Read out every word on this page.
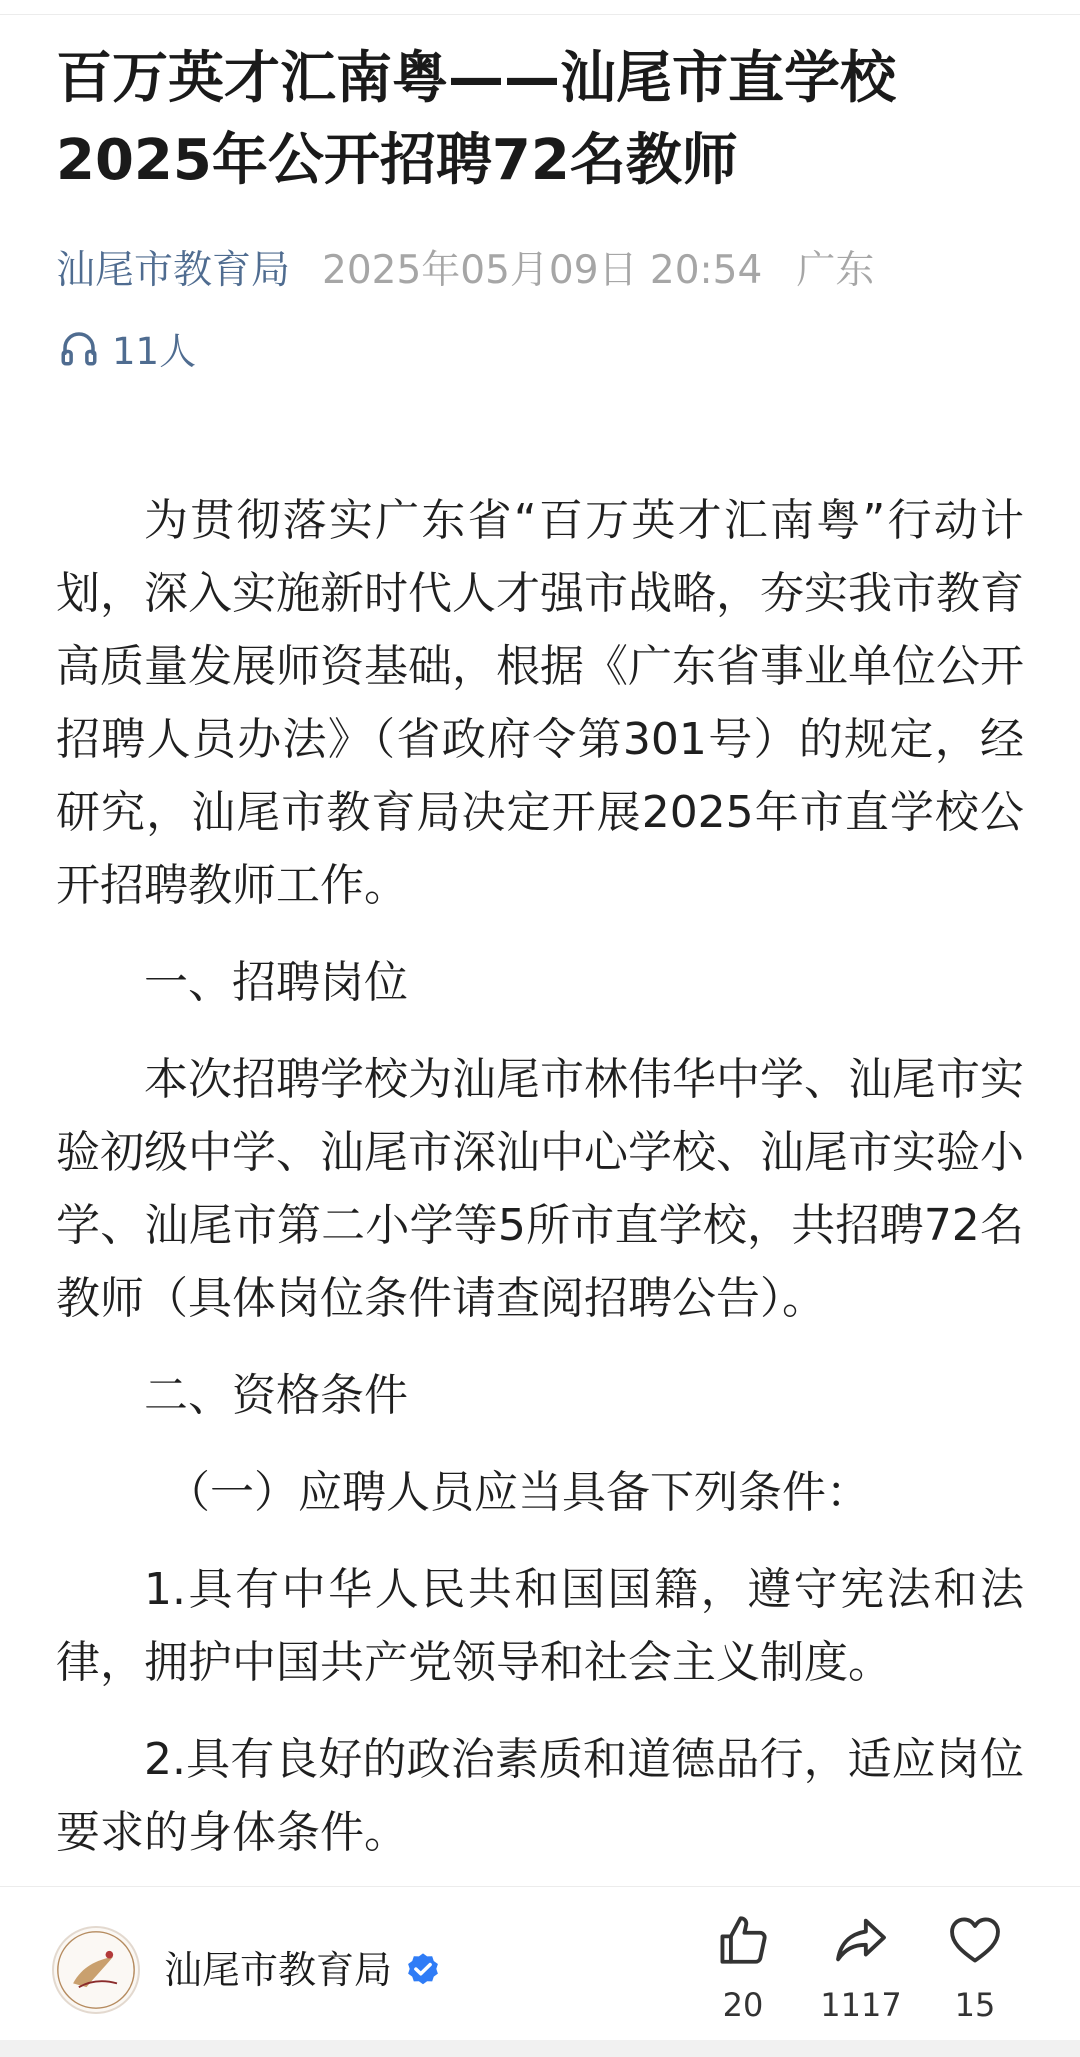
百万英才汇南粤——汕尾市直学校2025年公开招聘72名教师
汕尾市教育局 2025年05月09日 20:54 广东
11人

为贯彻落实广东省“百万英才汇南粤”行动计划，深入实施新时代人才强市战略，夯实我市教育高质量发展师资基础，根据《广东省事业单位公开招聘人员办法》（省政府令第301号）的规定，经研究，汕尾市教育局决定开展2025年市直学校公开招聘教师工作。

一、招聘岗位

本次招聘学校为汕尾市林伟华中学、汕尾市实验初级中学、汕尾市深汕中心学校、汕尾市实验小学、汕尾市第二小学等5所市直学校，共招聘72名教师（具体岗位条件请查阅招聘公告）。

二、资格条件

（一）应聘人员应当具备下列条件：

1.具有中华人民共和国国籍，遵守宪法和法律，拥护中国共产党领导和社会主义制度。

2.具有良好的政治素质和道德品行，适应岗位要求的身体条件。

汕尾市教育局
20	1117	15
